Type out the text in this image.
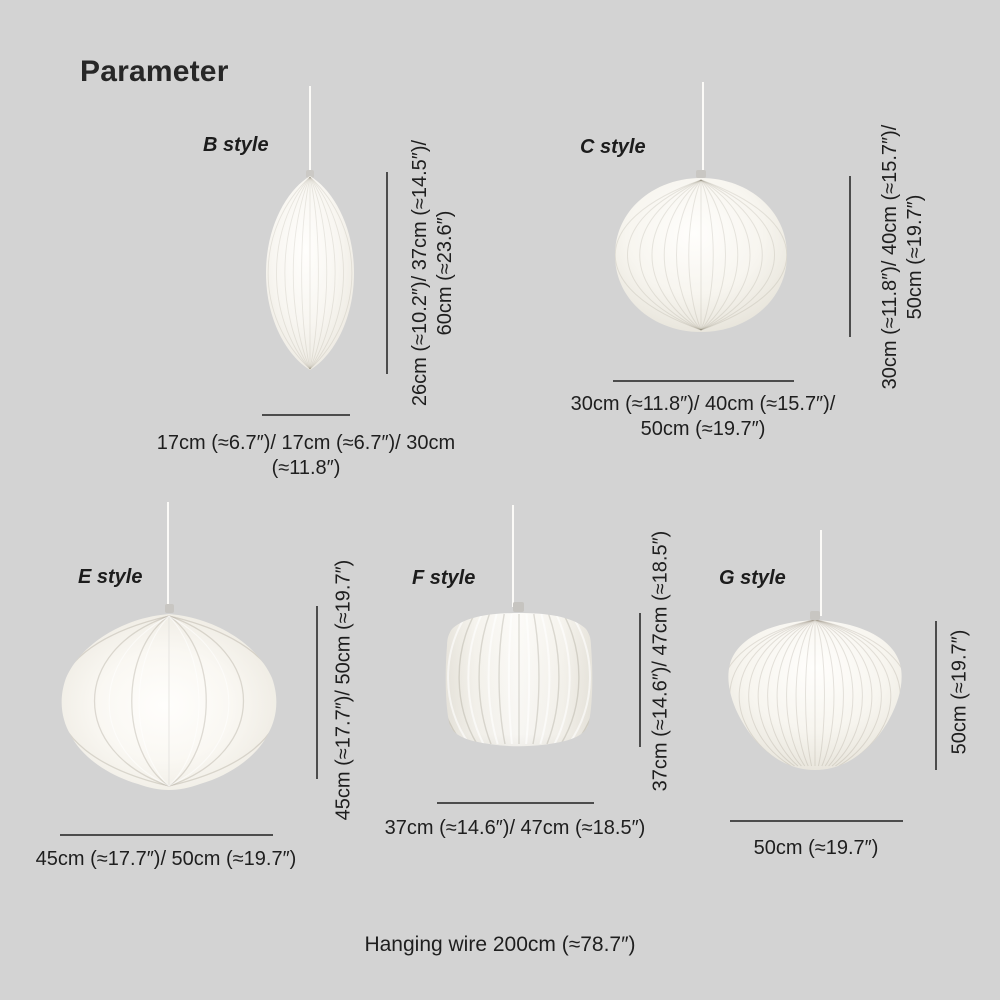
Parameter
B style	26cm (≈10.2″)/ 37cm (≈14.5″)/ 60cm (≈23.6″)
17cm (≈6.7″)/ 17cm (≈6.7″)/ 30cm (≈11.8″)
C style	30cm (≈11.8″)/ 40cm (≈15.7″)/ 50cm (≈19.7″)
30cm (≈11.8″)/ 40cm (≈15.7″)/ 50cm (≈19.7″)
E style	45cm (≈17.7″)/ 50cm (≈19.7″)
45cm (≈17.7″)/ 50cm (≈19.7″)
F style	37cm (≈14.6″)/ 47cm (≈18.5″)
37cm (≈14.6″)/ 47cm (≈18.5″)
G style
50cm (≈19.7″)
50cm (≈19.7″)
Hanging wire 200cm (≈78.7″)
